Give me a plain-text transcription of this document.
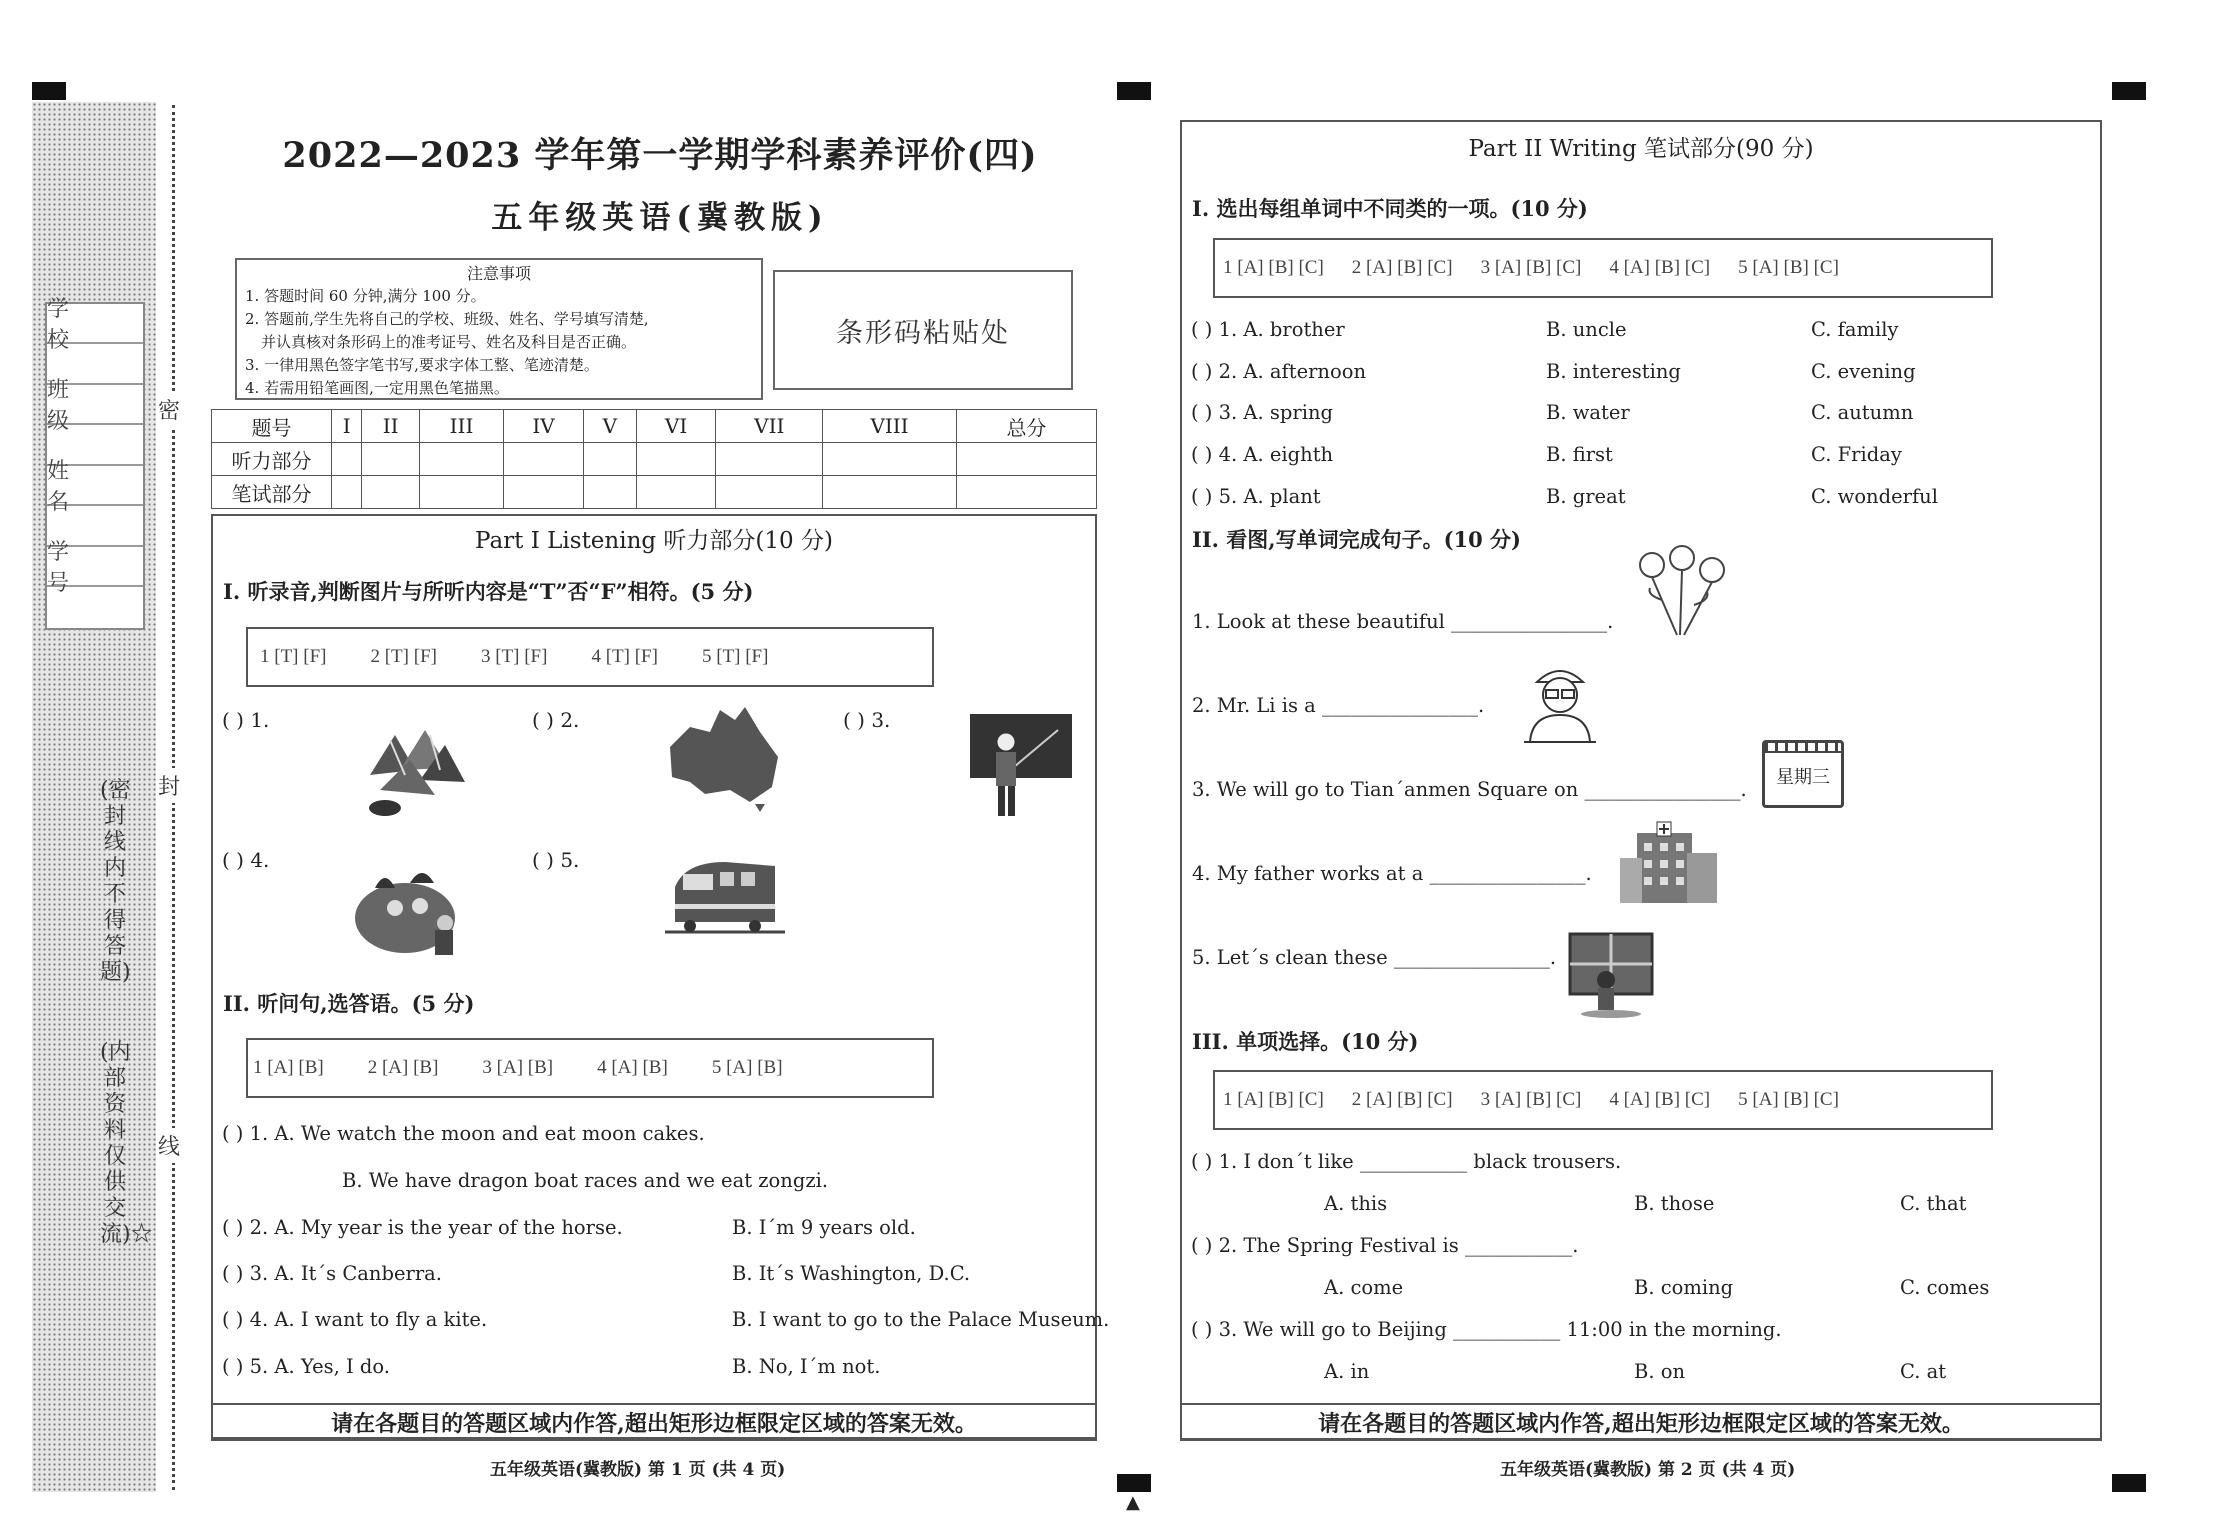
▲
学 校
班 级
姓 名
学 号
密
封
线
(密封线内不得答题)
(内部资料 仅供交流)☆
2022—2023 学年第一学期学科素养评价(四)
五年级英语(冀教版)
注意事项
1. 答题时间 60 分钟,满分 100 分。
2. 答题前,学生先将自己的学校、班级、姓名、学号填写清楚,
并认真核对条形码上的准考证号、姓名及科目是否正确。
3. 一律用黑色签字笔书写,要求字体工整、笔迹清楚。
4. 若需用铅笔画图,一定用黑色笔描黑。
条形码粘贴处
题号	I	II	III	IV	V	VI	VII	VIII	总分
听力部分									
笔试部分									
Part I Listening 听力部分(10 分)
I. 听录音,判断图片与所听内容是“T”否“F”相符。(5 分)
1 [T] [F] 2 [T] [F] 3 [T] [F] 4 [T] [F] 5 [T] [F]
( ) 1.	( ) 2.	( ) 3.
( ) 4.	( ) 5.
II. 听问句,选答语。(5 分)
1 [A] [B] 2 [A] [B] 3 [A] [B] 4 [A] [B] 5 [A] [B]
( ) 1. A. We watch the moon and eat moon cakes.
B. We have dragon boat races and we eat zongzi.
( ) 2. A. My year is the year of the horse.	B. I´m 9 years old.
( ) 3. A. It´s Canberra.	B. It´s Washington, D.C.
( ) 4. A. I want to fly a kite.	B. I want to go to the Palace Museum.
( ) 5. A. Yes, I do.	B. No, I´m not.
请在各题目的答题区域内作答,超出矩形边框限定区域的答案无效。
五年级英语(冀教版) 第 1 页 (共 4 页)
Part II Writing 笔试部分(90 分)
I. 选出每组单词中不同类的一项。(10 分)
1 [A] [B] [C] 2 [A] [B] [C] 3 [A] [B] [C] 4 [A] [B] [C] 5 [A] [B] [C]
( ) 1. A. brother	B. uncle	C. family
( ) 2. A. afternoon	B. interesting	C. evening
( ) 3. A. spring	B. water	C. autumn
( ) 4. A. eighth	B. first	C. Friday
( ) 5. A. plant	B. great	C. wonderful
II. 看图,写单词完成句子。(10 分)
1. Look at these beautiful ________________.
2. Mr. Li is a ________________.
3. We will go to Tian´anmen Square on ________________.
4. My father works at a ________________.
5. Let´s clean these ________________.
星期三
III. 单项选择。(10 分)
1 [A] [B] [C] 2 [A] [B] [C] 3 [A] [B] [C] 4 [A] [B] [C] 5 [A] [B] [C]
( ) 1. I don´t like ___________ black trousers.
A. this	B. those	C. that
( ) 2. The Spring Festival is ___________.
A. come	B. coming	C. comes
( ) 3. We will go to Beijing ___________ 11:00 in the morning.
A. in	B. on	C. at
请在各题目的答题区域内作答,超出矩形边框限定区域的答案无效。
五年级英语(冀教版) 第 2 页 (共 4 页)
